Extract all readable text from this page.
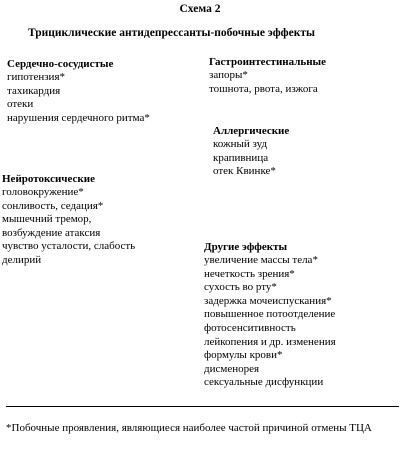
Схема 2
Трициклические антидепрессанты-побочные эффекты
Сердечно-сосудистые
гипотензия*
тахикардия
отеки
нарушения сердечного ритма*
Гастроинтестинальные
запоры*
тошнота, рвота, изжога
Аллергические
кожный зуд
крапивница
отек Квинке*
Нейротоксические
головокружение*
сонливость, седация*
мышечний тремор,
возбуждение атаксия
чувство усталости, слабость
делирий
Другие эффекты
увеличение массы тела*
нечеткость зрения*
сухость во рту*
задержка мочеиспускания*
повышенное потоотделение
фотосенситивность
лейкопения и др. изменения
формулы крови*
дисменорея
сексуальные дисфункции
*Побочные проявления, являющиеся наиболее частой причиной отмены ТЦА
